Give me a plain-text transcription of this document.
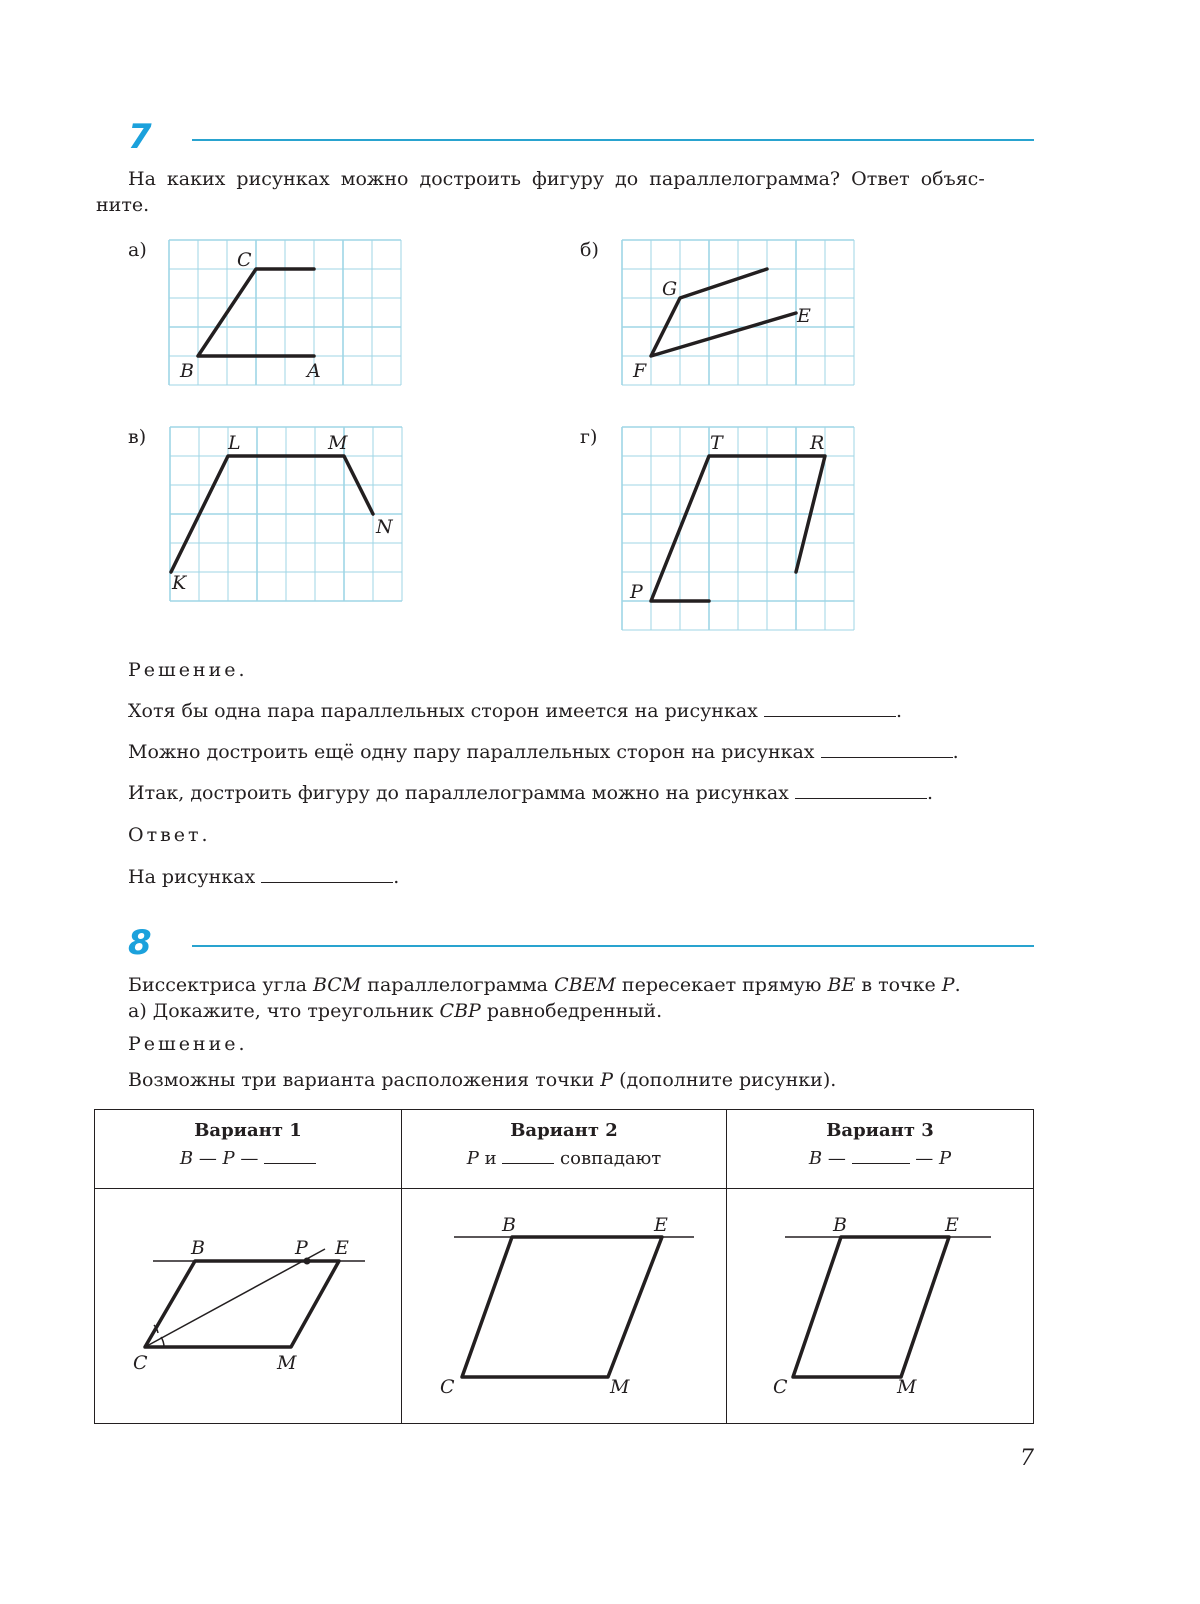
7
На каких рисунках можно достроить фигуру до параллелограмма? Ответ объяс-
ните.
а)	б)
в)	г)
C
B	A
G
E
F
L	M
N
K
T	R
P
Решение.
Хотя бы одна пара параллельных сторон имеется на рисунках	.
Можно достроить ещё одну пару параллельных сторон на рисунках	.
Итак, достроить фигуру до параллелограмма можно на рисунках	.
Ответ.
На рисунках	.
8
Биссектриса угла BCM параллелограмма CBEM пересекает прямую BE в точке P.
а) Докажите, что треугольник CBP равнобедренный.
Решение.
Возможны три варианта расположения точки P (дополните рисунки).
Вариант 1
B — P —

Вариант 2
P и	совпадают

Вариант 3
B —	— P

B P E
C M	B E
C M	B E
C M
7
